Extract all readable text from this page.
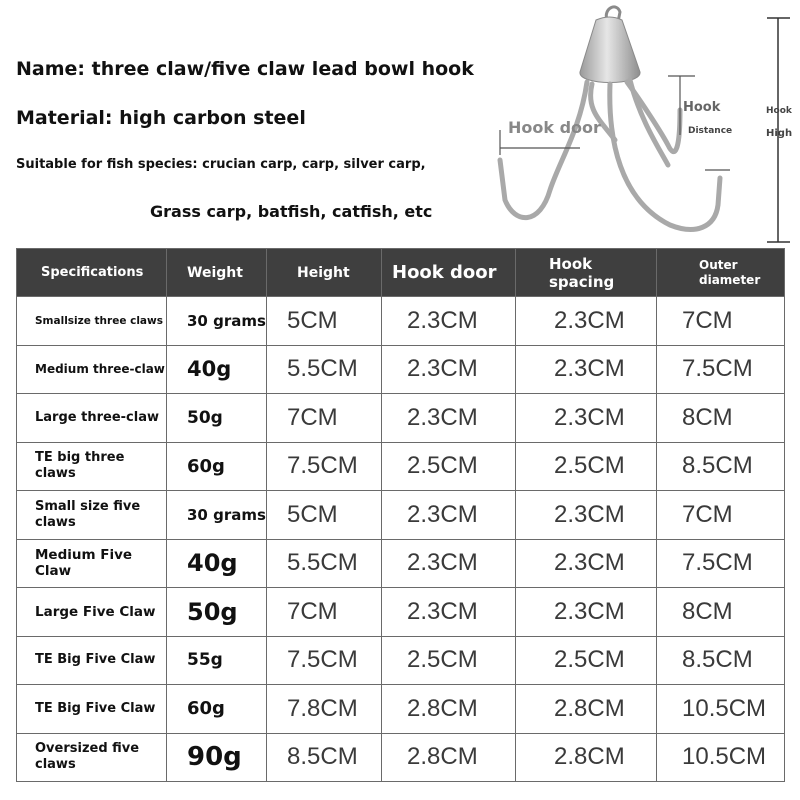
Name: three claw/five claw lead bowl hook
Material: high carbon steel
Suitable for fish species: crucian carp, carp, silver carp,
Grass carp, batfish, catfish, etc
Hook door
Hook
Distance
Hook
High
Specifications	Weight	Height	Hook door	Hook spacing	Outer diameter
Smallsize three claws	30 grams	5CM	2.3CM	2.3CM	7CM
Medium three-claw	40g	5.5CM	2.3CM	2.3CM	7.5CM
Large three-claw	50g	7CM	2.3CM	2.3CM	8CM
TE big three claws	60g	7.5CM	2.5CM	2.5CM	8.5CM
Small size five claws	30 grams	5CM	2.3CM	2.3CM	7CM
Medium Five Claw	40g	5.5CM	2.3CM	2.3CM	7.5CM
Large Five Claw	50g	7CM	2.3CM	2.3CM	8CM
TE Big Five Claw	55g	7.5CM	2.5CM	2.5CM	8.5CM
TE Big Five Claw	60g	7.8CM	2.8CM	2.8CM	10.5CM
Oversized five claws	90g	8.5CM	2.8CM	2.8CM	10.5CM
